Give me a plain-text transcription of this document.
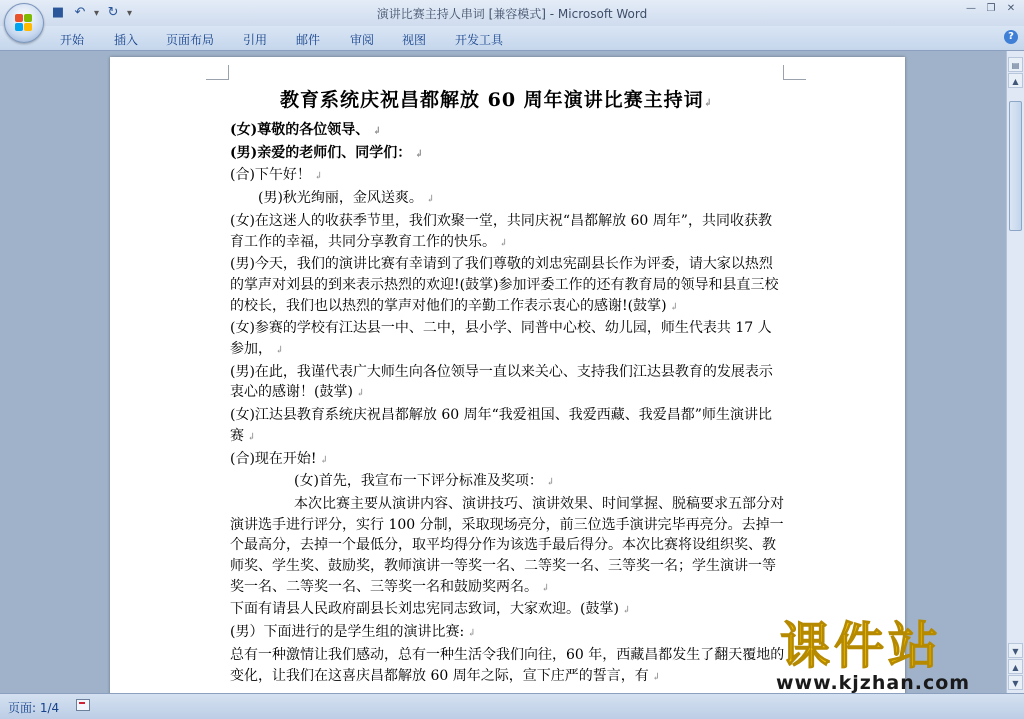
■ ↶ ▾ ↻ ▾	演讲比赛主持人串词 [兼容模式] - Microsoft Word	—	❐	✕
开始 插入 页面布局 引用 邮件 审阅 视图 开发工具	?
教育系统庆祝昌都解放 60 周年演讲比赛主持词↲

(女)尊敬的各位领导、 ↲

(男)亲爱的老师们、同学们： ↲

(合)下午好！ ↲

(男)秋光绚丽，金风送爽。 ↲

(女)在这迷人的收获季节里，我们欢聚一堂，共同庆祝“昌都解放 60 周年”，共同收获教育工作的幸福，共同分享教育工作的快乐。 ↲

(男)今天，我们的演讲比赛有幸请到了我们尊敬的刘忠宪副县长作为评委，请大家以热烈的掌声对刘县的到来表示热烈的欢迎!(鼓掌)参加评委工作的还有教育局的领导和县直三校的校长，我们也以热烈的掌声对他们的辛勤工作表示衷心的感谢!(鼓掌) ↲

(女)参赛的学校有江达县一中、二中，县小学、同普中心校、幼儿园，师生代表共 17 人参加， ↲

(男)在此，我谨代表广大师生向各位领导一直以来关心、支持我们江达县教育的发展表示衷心的感谢！(鼓掌) ↲

(女)江达县教育系统庆祝昌都解放 60 周年“我爱祖国、我爱西藏、我爱昌都”师生演讲比赛 ↲

(合)现在开始! ↲

(女)首先，我宣布一下评分标准及奖项： ↲

本次比赛主要从演讲内容、演讲技巧、演讲效果、时间掌握、脱稿要求五部分对演讲选手进行评分，实行 100 分制，采取现场亮分，前三位选手演讲完毕再亮分。去掉一个最高分，去掉一个最低分，取平均得分作为该选手最后得分。本次比赛将设组织奖、教师奖、学生奖、鼓励奖，教师演讲一等奖一名、二等奖一名、三等奖一名；学生演讲一等奖一名、二等奖一名、三等奖一名和鼓励奖两名。 ↲

下面有请县人民政府副县长刘忠宪同志致词，大家欢迎。(鼓掌) ↲

(男）下面进行的是学生组的演讲比赛: ↲

总有一种激情让我们感动，总有一种生活令我们向往，60 年，西藏昌都发生了翻天覆地的变化，让我们在这喜庆昌都解放 60 周年之际，宣下庄严的誓言，有 ↲

▤
▲
▼
▲
▼
页面: 1/4
课件站
www.kjzhan.com
